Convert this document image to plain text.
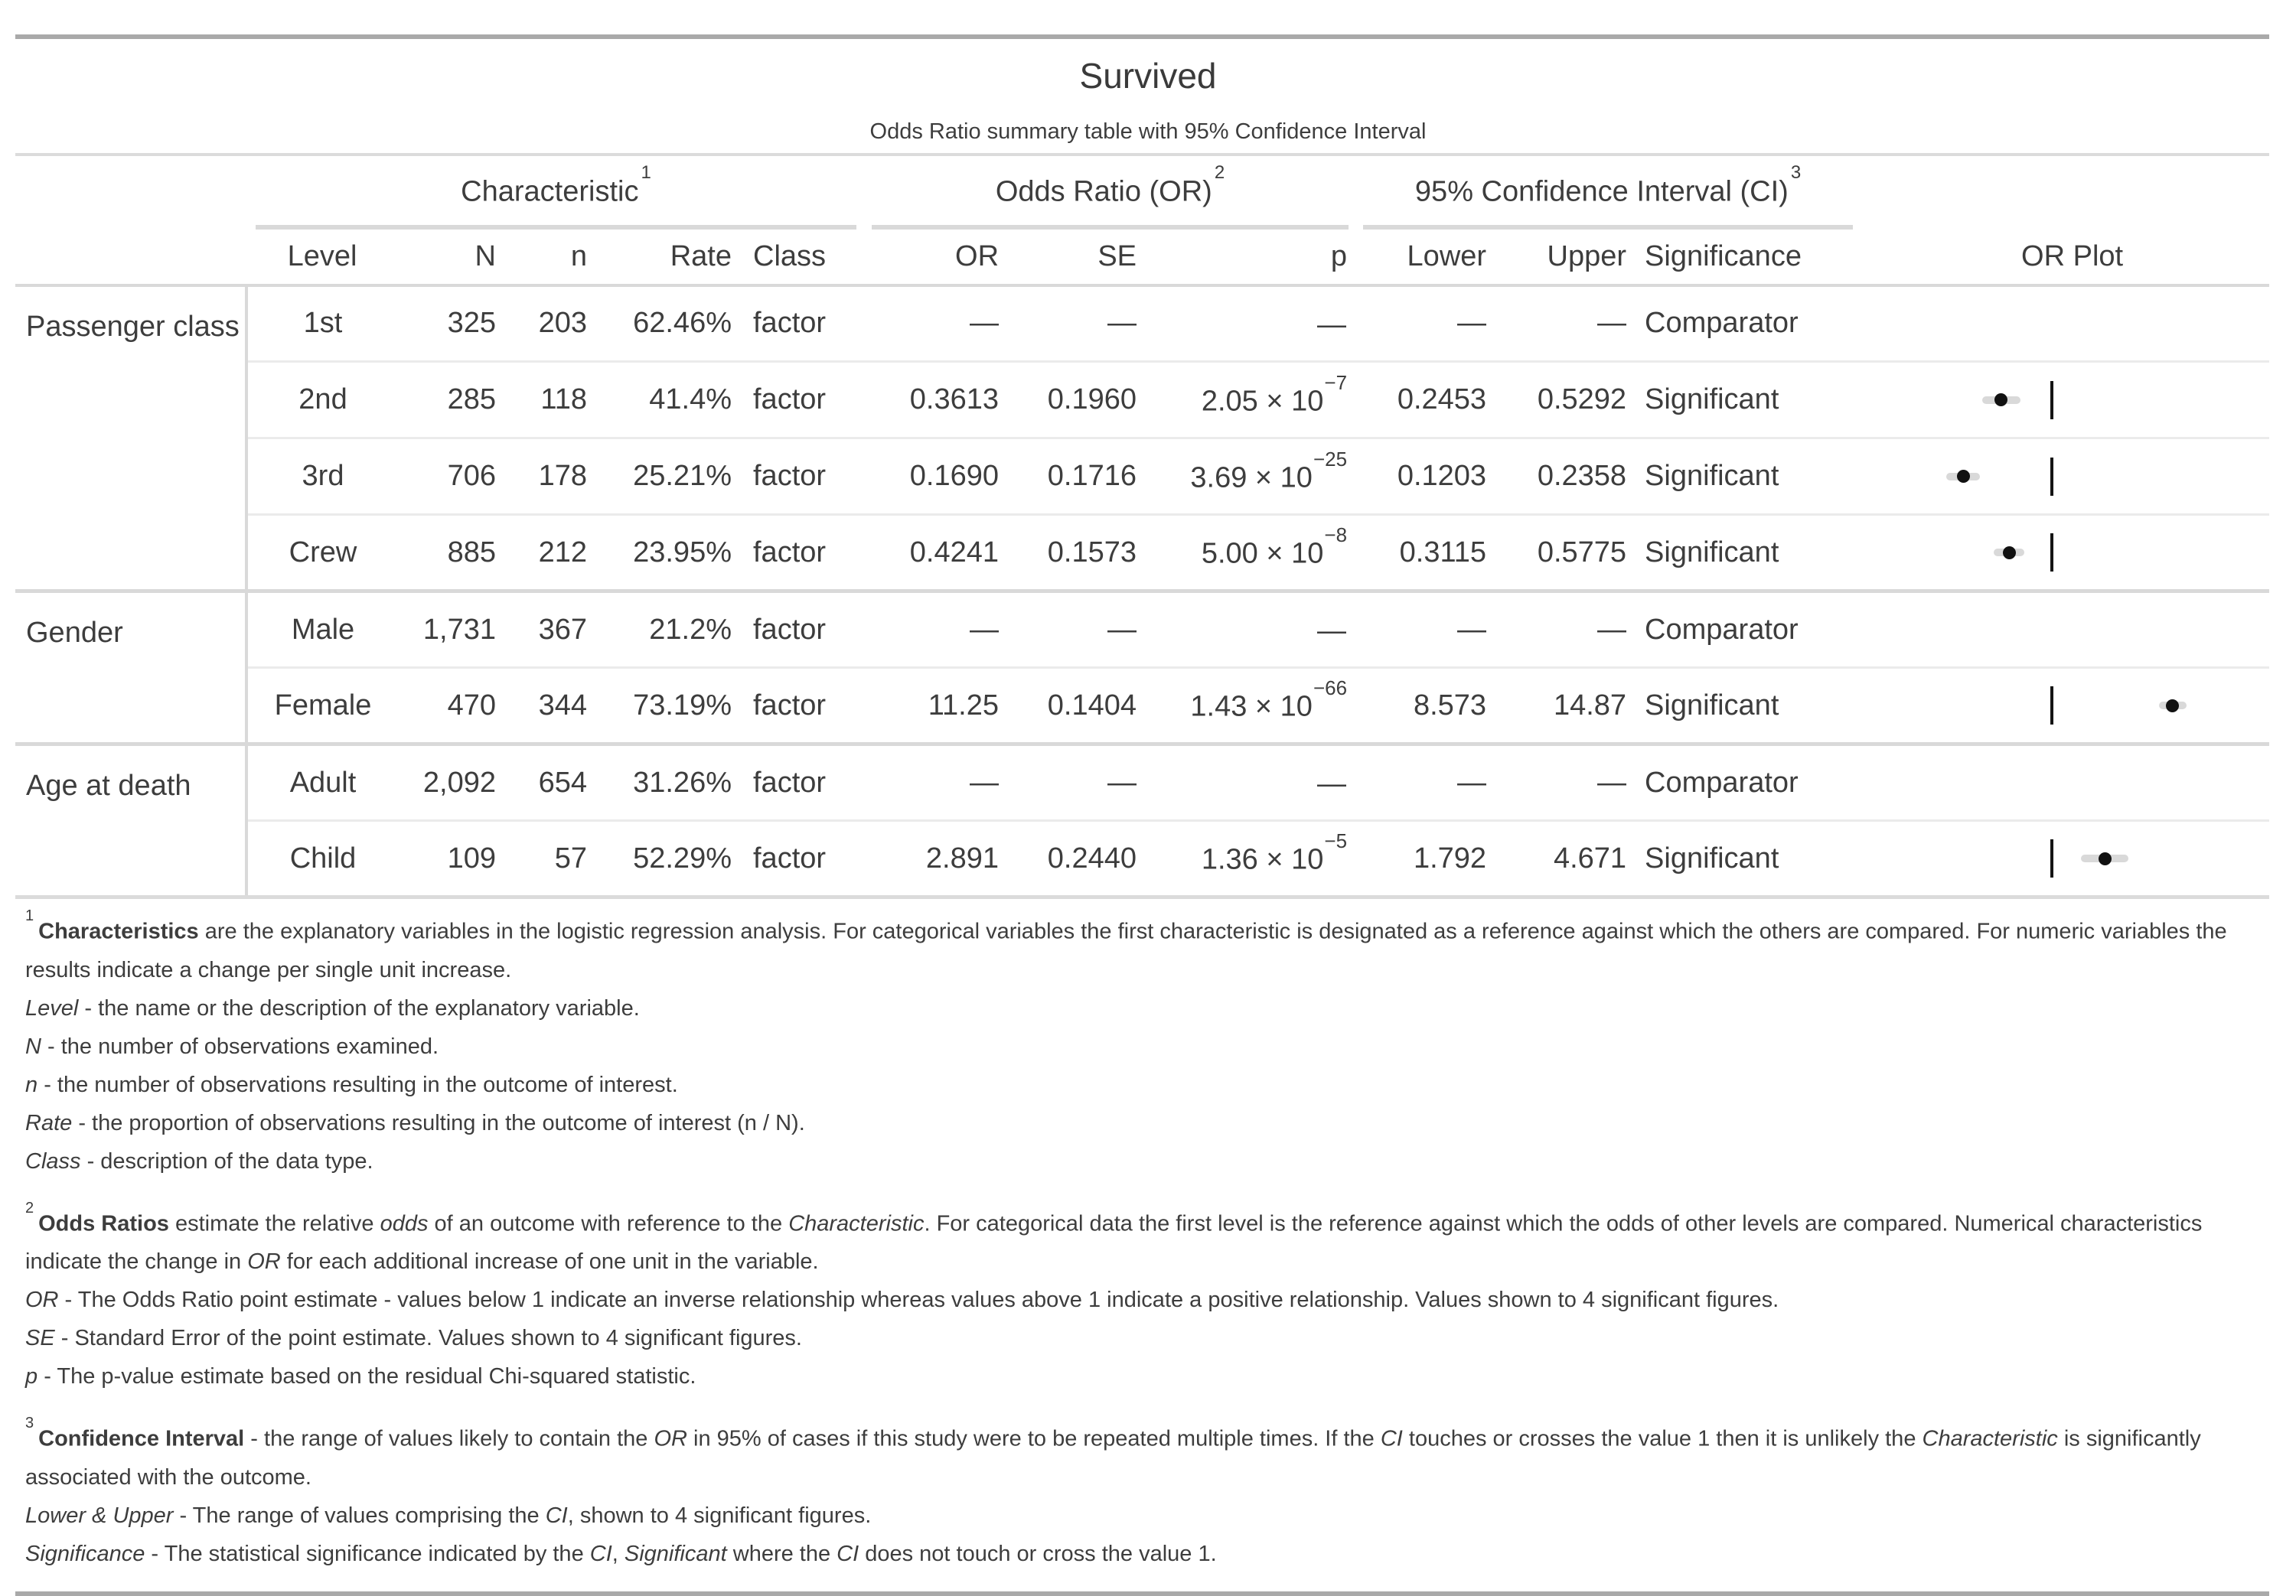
Survived
Odds Ratio summary table with 95% Confidence Interval

	Characteristic$^1$					Odds Ratio (OR)$^2$			95% Confidence Interval (CI)$^3$

	Level	N	n	Rate	Class	OR	SE	p	Lower	Upper	Significance	OR Plot
Passenger class	1st	325	203	62.46%	factor	—	—	—	—	—	Comparator	
	2nd	285	118	41.4%	factor	0.3613	0.1960	$2.05 \times 10^{-7}$	0.2453	0.5292	Significant	

	3rd	706	178	25.21%	factor	0.1690	0.1716	$3.69 \times 10^{-25}$	0.1203	0.2358	Significant	

	Crew	885	212	23.95%	factor	0.4241	0.1573	$5.00 \times 10^{-8}$	0.3115	0.5775	Significant	

Gender	Male	1,731	367	21.2%	factor	—	—	—	—	—	Comparator	
	Female	470	344	73.19%	factor	11.25	0.1404	$1.43 \times 10^{-66}$	8.573	14.87	Significant	

Age at death	Adult	2,092	654	31.26%	factor	—	—	—	—	—	Comparator	
	Child	109	57	52.29%	factor	2.891	0.2440	$1.36 \times 10^{-5}$	1.792	4.671	Significant	

$^1$Characteristics are the explanatory variables in the logistic regression analysis. For categorical variables the first characteristic is designated as a reference against which the others are compared. For numeric variables the results indicate a change per single unit increase.

Level - the name or the description of the explanatory variable.

N - the number of observations examined.

n - the number of observations resulting in the outcome of interest.

Rate - the proportion of observations resulting in the outcome of interest (n / N).

Class - description of the data type.

$^2$Odds Ratios estimate the relative odds of an outcome with reference to the Characteristic. For categorical data the first level is the reference against which the odds of other levels are compared. Numerical characteristics indicate the change in OR for each additional increase of one unit in the variable.

OR - The Odds Ratio point estimate - values below 1 indicate an inverse relationship whereas values above 1 indicate a positive relationship. Values shown to 4 significant figures.

SE - Standard Error of the point estimate. Values shown to 4 significant figures.

p - The p-value estimate based on the residual Chi-squared statistic.

$^3$Confidence Interval - the range of values likely to contain the OR in 95% of cases if this study were to be repeated multiple times. If the CI touches or crosses the value 1 then it is unlikely the Characteristic is significantly associated with the outcome.

Lower & Upper - The range of values comprising the CI, shown to 4 significant figures.

Significance - The statistical significance indicated by the CI, Significant where the CI does not touch or cross the value 1.
